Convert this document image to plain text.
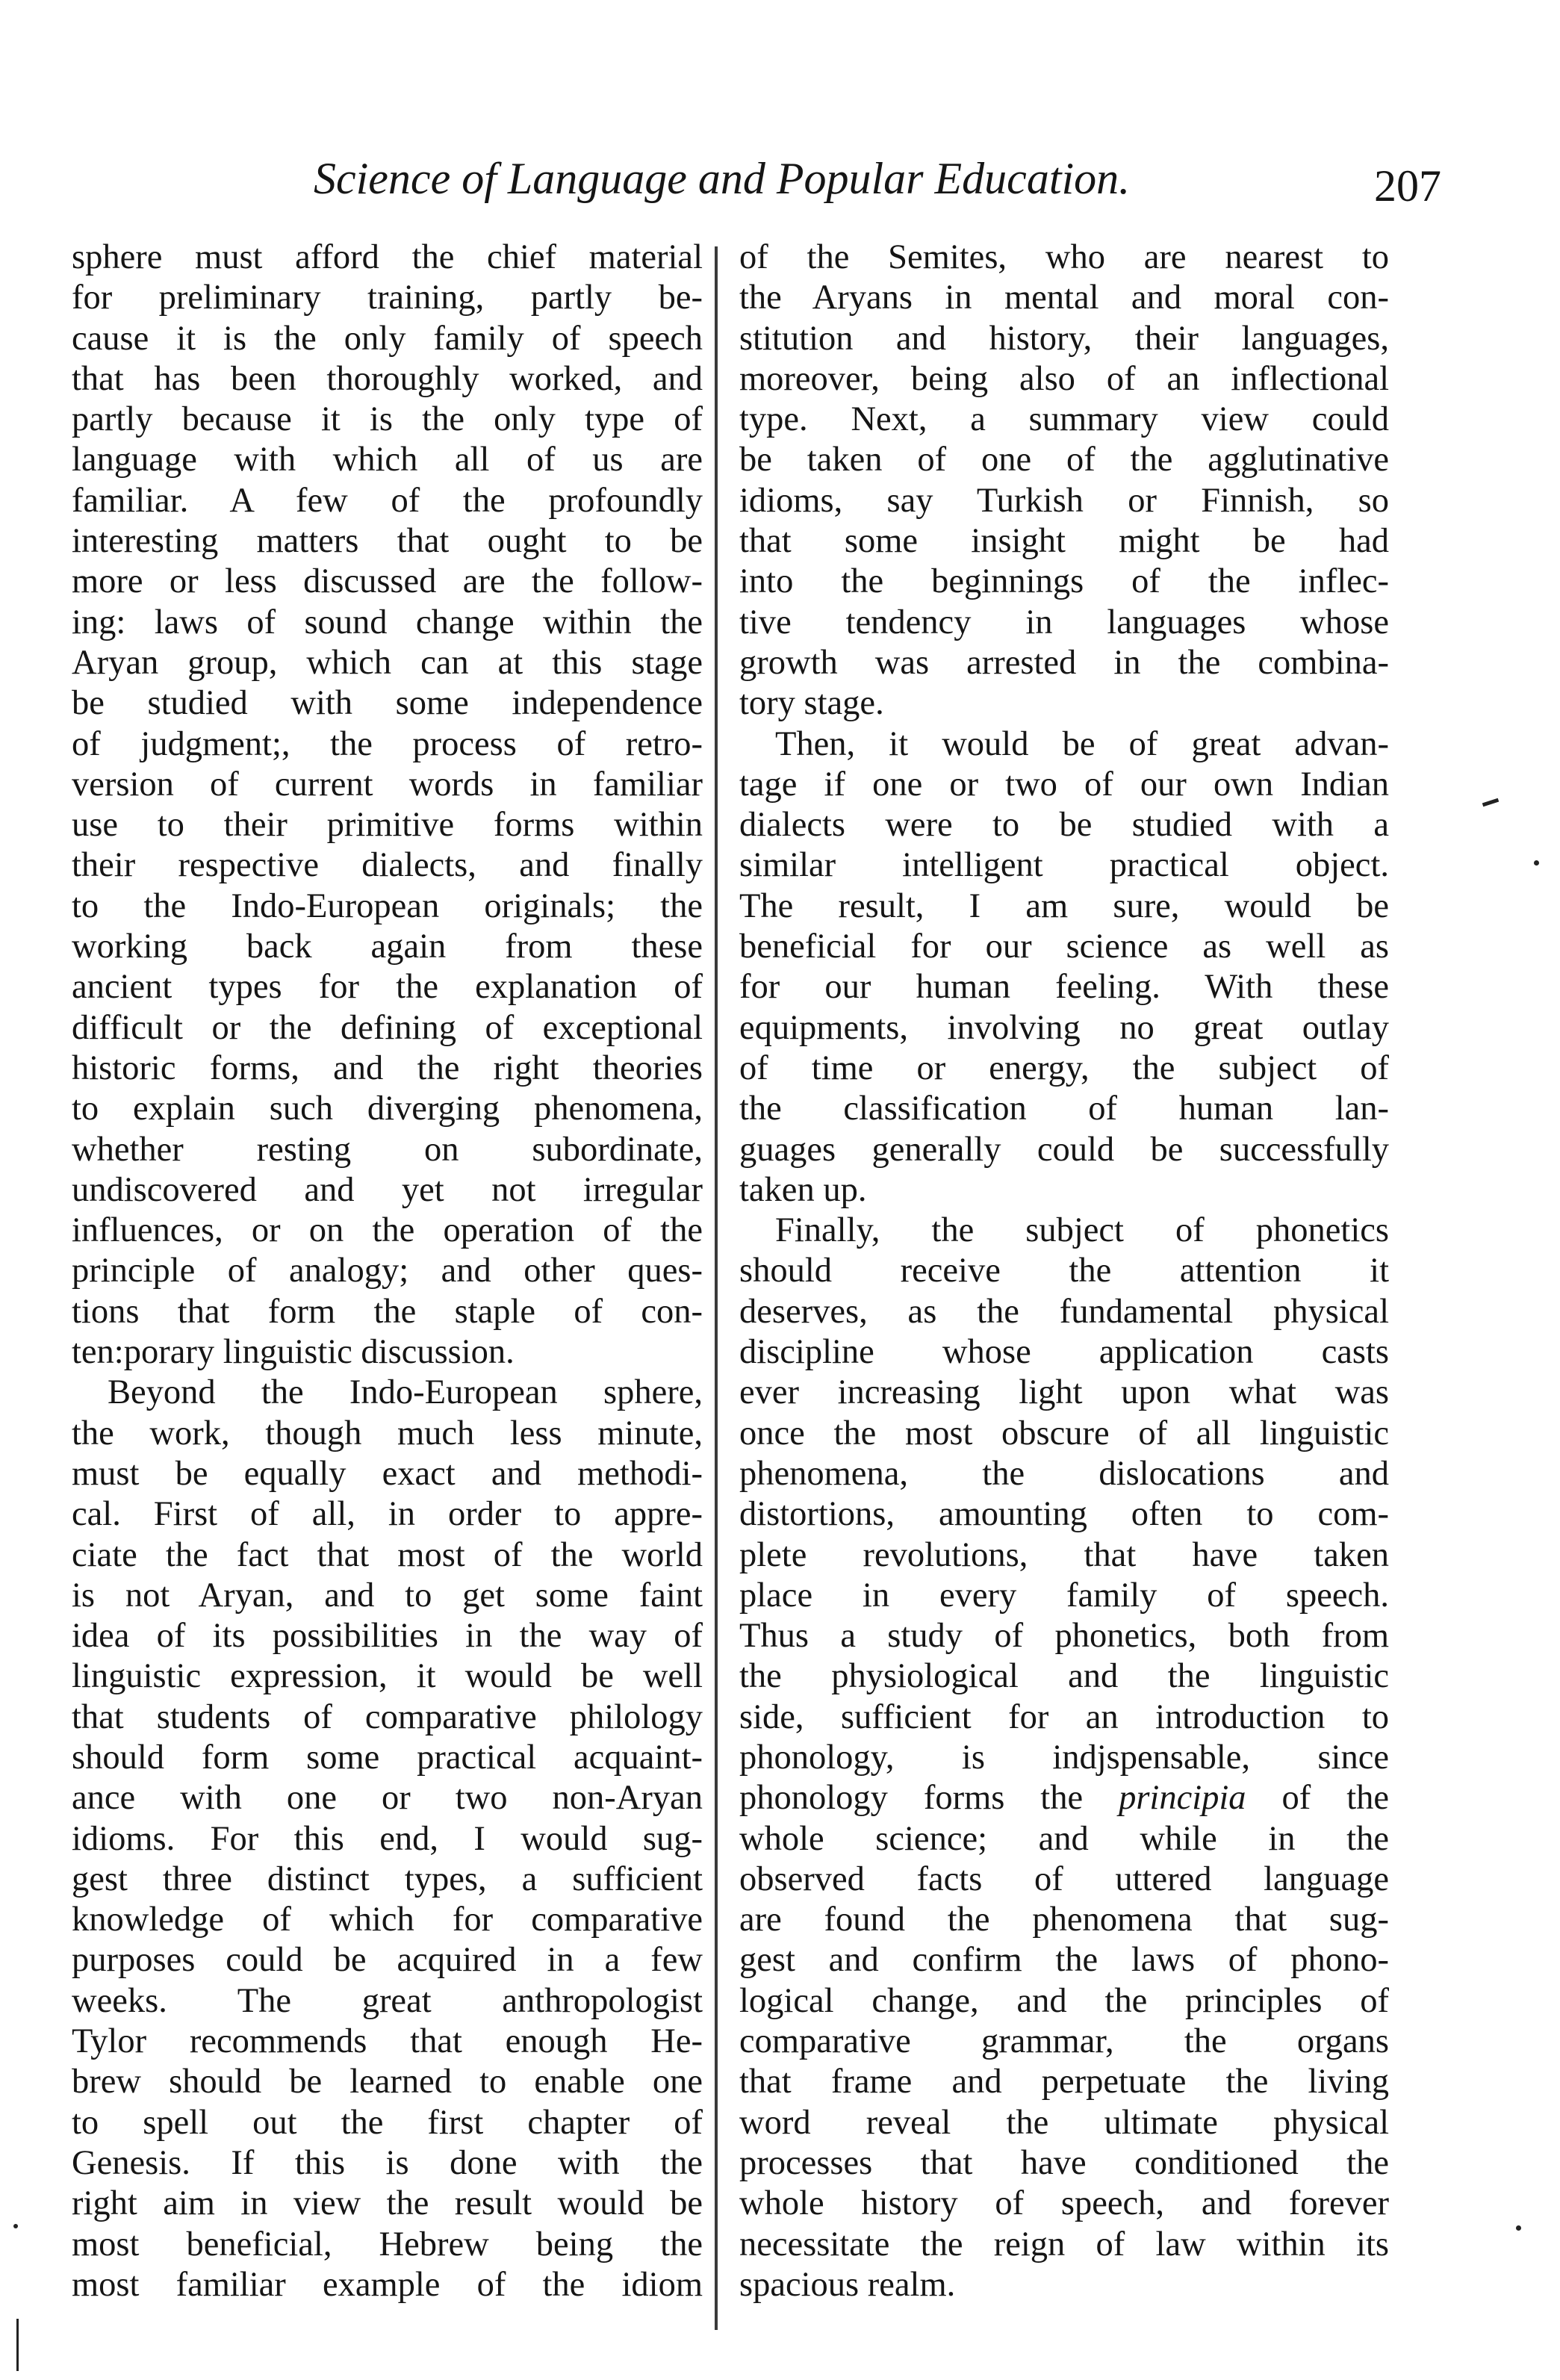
Science of Language and Popular Education.	207
sphere must afford the chief material
for preliminary training, partly be-
cause it is the only family of speech
that has been thoroughly worked, and
partly because it is the only type of
language with which all of us are
familiar. A few of the profoundly
interesting matters that ought to be
more or less discussed are the follow-
ing: laws of sound change within the
Aryan group, which can at this stage
be studied with some independence
of judgment;, the process of retro-
version of current words in familiar
use to their primitive forms within
their respective dialects, and finally
to the Indo-European originals; the
working back again from these
ancient types for the explanation of
difficult or the defining of exceptional
historic forms, and the right theories
to explain such diverging phenomena,
whether resting on subordinate,
undiscovered and yet not irregular
influences, or on the operation of the
principle of analogy; and other ques-
tions that form the staple of con-
ten:porary linguistic discussion.
Beyond the Indo-European sphere,
the work, though much less minute,
must be equally exact and methodi-
cal. First of all, in order to appre-
ciate the fact that most of the world
is not Aryan, and to get some faint
idea of its possibilities in the way of
linguistic expression, it would be well
that students of comparative philology
should form some practical acquaint-
ance with one or two non-Aryan
idioms. For this end, I would sug-
gest three distinct types, a sufficient
knowledge of which for comparative
purposes could be acquired in a few
weeks. The great anthropologist
Tylor recommends that enough He-
brew should be learned to enable one
to spell out the first chapter of
Genesis. If this is done with the
right aim in view the result would be
most beneficial, Hebrew being the
most familiar example of the idiom
of the Semites, who are nearest to
the Aryans in mental and moral con-
stitution and history, their languages,
moreover, being also of an inflectional
type. Next, a summary view could
be taken of one of the agglutinative
idioms, say Turkish or Finnish, so
that some insight might be had
into the beginnings of the inflec-
tive tendency in languages whose
growth was arrested in the combina-
tory stage.
Then, it would be of great advan-
tage if one or two of our own Indian
dialects were to be studied with a
similar intelligent practical object.
The result, I am sure, would be
beneficial for our science as well as
for our human feeling. With these
equipments, involving no great outlay
of time or energy, the subject of
the classification of human lan-
guages generally could be successfully
taken up.
Finally, the subject of phonetics
should receive the attention it
deserves, as the fundamental physical
discipline whose application casts
ever increasing light upon what was
once the most obscure of all linguistic
phenomena, the dislocations and
distortions, amounting often to com-
plete revolutions, that have taken
place in every family of speech.
Thus a study of phonetics, both from
the physiological and the linguistic
side, sufficient for an introduction to
phonology, is indjspensable, since
phonology forms the principia of the
whole science; and while in the
observed facts of uttered language
are found the phenomena that sug-
gest and confirm the laws of phono-
logical change, and the principles of
comparative grammar, the organs
that frame and perpetuate the living
word reveal the ultimate physical
processes that have conditioned the
whole history of speech, and forever
necessitate the reign of law within its
spacious realm.
